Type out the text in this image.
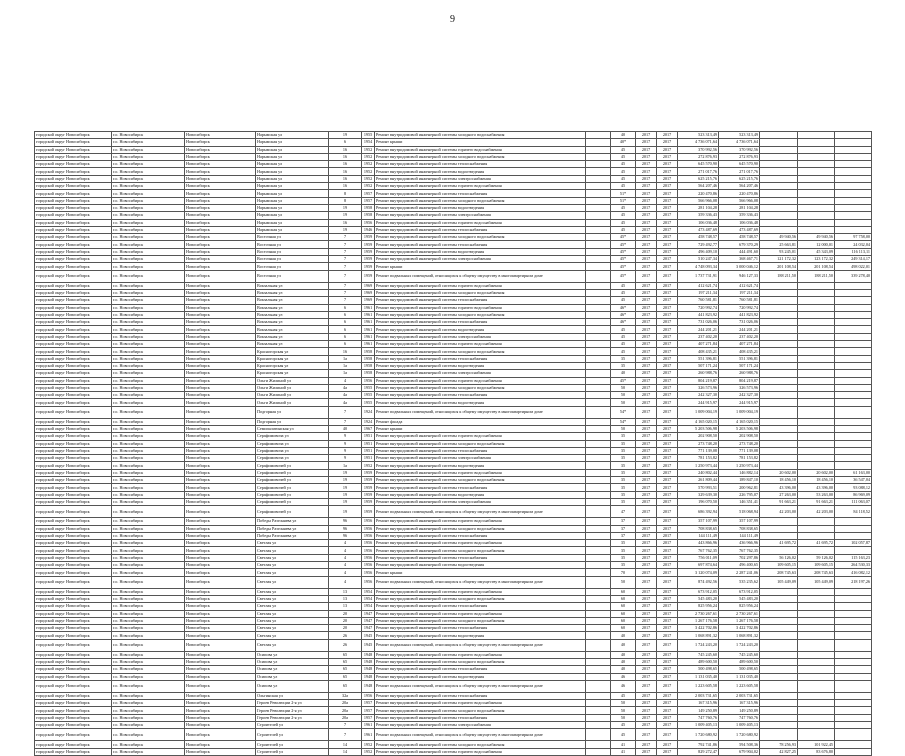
9
городской округ Новосибирск	г.о. Новосибирск	Новосибирск	Нарымская ул	19	1955	Ремонт внутридомовой инженерной системы холодного водоснабжения		40	2017	2017	523 313,49	523 313,49			
городской округ Новосибирск	г.о. Новосибирск	Новосибирск	Нарымская ул	6	1954	Ремонт крыши		40*	2017	2017	4 736 071,64	4 736 071,64			
городской округ Новосибирск	г.о. Новосибирск	Новосибирск	Нарымская ул	16	1952	Ремонт внутридомовой инженерной системы горячего водоснабжения		45	2017	2017	370 992,56	370 992,56			
городской округ Новосибирск	г.о. Новосибирск	Новосибирск	Нарымская ул	16	1952	Ремонт внутридомовой инженерной системы холодного водоснабжения		45	2017	2017	272 876,93	272 876,93			
городской округ Новосибирск	г.о. Новосибирск	Новосибирск	Нарымская ул	16	1952	Ремонт внутридомовой инженерной системы теплоснабжения		45	2017	2017	645 570,90	645 570,90			
городской округ Новосибирск	г.о. Новосибирск	Новосибирск	Нарымская ул	16	1952	Ремонт внутридомовой инженерной системы водоотведения		45	2017	2017	271 017,76	271 017,76			
городской округ Новосибирск	г.о. Новосибирск	Новосибирск	Нарымская ул	16	1952	Ремонт внутридомовой инженерной системы электроснабжения		45	2017	2017	625 215,76	625 215,76			
городской округ Новосибирск	г.о. Новосибирск	Новосибирск	Нарымская ул	16	1952	Ремонт внутридомовой инженерной системы горячего водоснабжения		45	2017	2017	564 207,46	564 207,46			
городской округ Новосибирск	г.о. Новосибирск	Новосибирск	Нарымская ул	8	1957	Ремонт внутридомовой инженерной системы теплоснабжения		51*	2017	2017	220 470,86	220 470,86			
городской округ Новосибирск	г.о. Новосибирск	Новосибирск	Нарымская ул	8	1957	Ремонт внутридомовой инженерной системы холодного водоснабжения		51*	2017	2017	566 966,08	566 966,08			
городской округ Новосибирск	г.о. Новосибирск	Новосибирск	Нарымская ул	19	1958	Ремонт внутридомовой инженерной системы водоотведения		45	2017	2017	281 104,28	281 104,28			
городской округ Новосибирск	г.о. Новосибирск	Новосибирск	Нарымская ул	19	1958	Ремонт внутридомовой инженерной системы электроснабжения		45	2017	2017	359 336,43	359 336,43			
городской округ Новосибирск	г.о. Новосибирск	Новосибирск	Нарымская ул	16	1956	Ремонт внутридомовой инженерной системы горячего водоснабжения		45	2017	2017	106 036,48	106 036,48			
городской округ Новосибирск	г.о. Новосибирск	Новосибирск	Нарымская ул	19	1946	Ремонт внутридомовой инженерной системы теплоснабжения		45	2017	2017	473 487,69	473 487,69			
городской округ Новосибирск	г.о. Новосибирск	Новосибирск	Восточная ул	7	1959	Ремонт внутридомовой инженерной системы холодного водоснабжения		45*	2017	2017	458 748,57	458 748,57	49 940,56	49 940,56	97 758,00
городской округ Новосибирск	г.о. Новосибирск	Новосибирск	Восточная ул	7	1959	Ремонт внутридомовой инженерной системы теплоснабжения		45*	2017	2017	729 492,77	679 370,29	25 663,81	12 000,01	24 032,04
городской округ Новосибирск	г.о. Новосибирск	Новосибирск	Восточная ул	7	1959	Ремонт внутридомовой инженерной системы водоотведения		45*	2017	2017	496 409,10	444 491,60	93 245,01	45 343,09	116 113,11
городской округ Новосибирск	г.о. Новосибирск	Новосибирск	Восточная ул	7	1959	Ремонт внутридомовой инженерной системы электроснабжения		45*	2017	2017	510 247,34	368 467,71	121 172,32	123 172,32	249 314,17
городской округ Новосибирск	г.о. Новосибирск	Новосибирск	Восточная ул	7	1959	Ремонт крыши		45*	2017	2017	4 748 093,34	3 000 046,12	201 108,54	201 108,54	498 022,01
городской округ Новосибирск	г.о. Новосибирск	Новосибирск	Восточная ул	7	1959	Ремонт подвальных помещений, относящихся к общему имуществу в многоквартирном доме		45*	2017	2017	1 737 731,91	946 127,33	188 211,50	188 211,50	339 278,40
городской округ Новосибирск	г.о. Новосибирск	Новосибирск	Вокзальная ул	7	1969	Ремонт внутридомовой инженерной системы горячего водоснабжения		45	2017	2017	412 621,74	412 621,74			
городской округ Новосибирск	г.о. Новосибирск	Новосибирск	Вокзальная ул	7	1969	Ремонт внутридомовой инженерной системы холодного водоснабжения		45	2017	2017	197 211,34	197 211,34			
городской округ Новосибирск	г.о. Новосибирск	Новосибирск	Вокзальная ул	7	1969	Ремонт внутридомовой инженерной системы теплоснабжения		45	2017	2017	760 581,81	760 581,81			
городской округ Новосибирск	г.о. Новосибирск	Новосибирск	Вокзальная ул	6	1961	Ремонт внутридомовой инженерной системы горячего водоснабжения		46*	2017	2017	720 992,74	720 992,74			
городской округ Новосибирск	г.о. Новосибирск	Новосибирск	Вокзальная ул	6	1961	Ремонт внутридомовой инженерной системы холодного водоснабжения		46*	2017	2017	441 823,92	441 823,92			
городской округ Новосибирск	г.о. Новосибирск	Новосибирск	Вокзальная ул	6	1961	Ремонт внутридомовой инженерной системы теплоснабжения		46*	2017	2017	731 026,06	731 026,06			
городской округ Новосибирск	г.о. Новосибирск	Новосибирск	Вокзальная ул	6	1961	Ремонт внутридомовой инженерной системы водоотведения		45	2017	2017	244 201,21	244 201,21			
городской округ Новосибирск	г.о. Новосибирск	Новосибирск	Вокзальная ул	6	1961	Ремонт внутридомовой инженерной системы электроснабжения		45	2017	2017	237 402,20	237 402,20			
городской округ Новосибирск	г.о. Новосибирск	Новосибирск	Вокзальная ул	6	1961	Ремонт внутридомовой инженерной системы горячего водоснабжения		45	2017	2017	407 271,84	407 271,84			
городской округ Новосибирск	г.о. Новосибирск	Новосибирск	Красногорская ул	16	1958	Ремонт внутридомовой инженерной системы холодного водоснабжения		45	2017	2017	408 435,21	408 435,21			
городской округ Новосибирск	г.о. Новосибирск	Новосибирск	Красногорская ул	1а	1958	Ремонт внутридомовой инженерной системы теплоснабжения		35	2017	2017	551 396,81	551 396,81			
городской округ Новосибирск	г.о. Новосибирск	Новосибирск	Красногорская ул	1а	1958	Ремонт внутридомовой инженерной системы водоотведения		35	2017	2017	507 171,24	507 171,24			
городской округ Новосибирск	г.о. Новосибирск	Новосибирск	Красногорская ул	1а	1958	Ремонт внутридомовой инженерной системы электроснабжения		40	2017	2017	260 988,76	260 988,76			
городской округ Новосибирск	г.о. Новосибирск	Новосибирск	Ольги Жилиной ул	4	1956	Ремонт внутридомовой инженерной системы горячего водоснабжения		45*	2017	2017	804 219,87	804 219,87			
городской округ Новосибирск	г.о. Новосибирск	Новосибирск	Ольги Жилиной ул	4а	1955	Ремонт внутридомовой инженерной системы холодного водоснабжения		50	2017	2017	326 573,96	326 573,96			
городской округ Новосибирск	г.о. Новосибирск	Новосибирск	Ольги Жилиной ул	4а	1955	Ремонт внутридомовой инженерной системы теплоснабжения		50	2017	2017	242 327,30	242 327,30			
городской округ Новосибирск	г.о. Новосибирск	Новосибирск	Ольги Жилиной ул	4а	1955	Ремонт внутридомовой инженерной системы водоотведения		50	2017	2017	244 915,97	244 915,97			
городской округ Новосибирск	г.о. Новосибирск	Новосибирск	Подгорная ул	7	1924	Ремонт подвальных помещений, относящихся к общему имуществу в многоквартирном доме		54*	2017	2017	1 009 004,19	1 009 004,19			
городской округ Новосибирск	г.о. Новосибирск	Новосибирск	Подгорная ул	7	1924	Ремонт фасада		54*	2017	2017	4 165 020,15	4 165 020,15			
городской округ Новосибирск	г.о. Новосибирск	Новосибирск	Семипалатинская ул	40	1967	Ремонт крыши		50	2017	2017	5 203 506,98	5 203 506,98			
городской округ Новосибирск	г.о. Новосибирск	Новосибирск	Серафимовича ул	9	1951	Ремонт внутридомовой инженерной системы горячего водоснабжения		35	2017	2017	202 908,50	202 908,50			
городской округ Новосибирск	г.о. Новосибирск	Новосибирск	Серафимовича ул	9	1951	Ремонт внутридомовой инженерной системы холодного водоснабжения		35	2017	2017	273 748,20	273 748,20			
городской округ Новосибирск	г.о. Новосибирск	Новосибирск	Серафимовича ул	9	1951	Ремонт внутридомовой инженерной системы теплоснабжения		35	2017	2017	771 139,08	771 139,08			
городской округ Новосибирск	г.о. Новосибирск	Новосибирск	Серафимовича ул	9	1951	Ремонт внутридомовой инженерной системы электроснабжения		35	2017	2017	781 153,82	781 153,82			
городской округ Новосибирск	г.о. Новосибирск	Новосибирск	Серафимовичей ул	1а	1952	Ремонт внутридомовой инженерной системы водоотведения		35	2017	2017	1 250 973,44	1 250 973,44			
городской округ Новосибирск	г.о. Новосибирск	Новосибирск	Серафимовичей ул	19	1959	Ремонт внутридомовой инженерной системы горячего водоснабжения		35	2017	2017	240 802,44	146 882,14	20 602,00	20 602,00	61 163,00
городской округ Новосибирск	г.о. Новосибирск	Новосибирск	Серафимовичей ул	19	1959	Ремонт внутридомовой инженерной системы холодного водоснабжения		35	2017	2017	261 809,44	189 847,10	18 456,10	18 456,10	36 547,04
городской округ Новосибирск	г.о. Новосибирск	Новосибирск	Серафимовичей ул	19	1959	Ремонт внутридомовой инженерной системы теплоснабжения		35	2017	2017	570 993,51	200 962,81	43 396,00	43 396,00	93 088,12
городской округ Новосибирск	г.о. Новосибирск	Новосибирск	Серафимовичей ул	19	1959	Ремонт внутридомовой инженерной системы водоотведения		35	2017	2017	329 639,30	226 795,07	27 263,00	53 263,00	86 969,09
городской округ Новосибирск	г.о. Новосибирск	Новосибирск	Серафимовичей ул	19	1959	Ремонт внутридомовой инженерной системы электроснабжения		35	2017	2017	196 070,50	146 351,41	91 663,21	91 663,21	111 063,07
городской округ Новосибирск	г.о. Новосибирск	Новосибирск	Серафимовичей ул	19	1959	Ремонт подвальных помещений, относящихся к общему имуществу в многоквартирном доме		47	2017	2017	686 392,94	518 068,94	42 203,00	42 203,00	84 118,52
городской округ Новосибирск	г.о. Новосибирск	Новосибирск	Победы Разгоняева ул	96	1956	Ремонт внутридомовой инженерной системы горячего водоснабжения		37	2017	2017	357 107,99	357 107,99			
городской округ Новосибирск	г.о. Новосибирск	Новосибирск	Победы Разгоняева ул	96	1956	Ремонт внутридомовой инженерной системы холодного водоснабжения		37	2017	2017	708 838,65	708 838,65			
городской округ Новосибирск	г.о. Новосибирск	Новосибирск	Победы Разгоняева ул	96	1956	Ремонт внутридомовой инженерной системы теплоснабжения		37	2017	2017	144 111,49	144 111,49			
городской округ Новосибирск	г.о. Новосибирск	Новосибирск	Светлая ул	4	1956	Ремонт внутридомовой инженерной системы горячего водоснабжения		35	2017	2017	443 866,96	436 966,96	41 695,72	41 695,72	102 057,87
городской округ Новосибирск	г.о. Новосибирск	Новосибирск	Светлая ул	4	1956	Ремонт внутридомовой инженерной системы холодного водоснабжения		35	2017	2017	767 762,35	767 762,35			
городской округ Новосибирск	г.о. Новосибирск	Новосибирск	Светлая ул	4	1956	Ремонт внутридомовой инженерной системы теплоснабжения		35	2017	2017	756 011,09	702 297,86	56 126,02	59 126,02	115 163,23
городской округ Новосибирск	г.о. Новосибирск	Новосибирск	Светлая ул	4	1956	Ремонт внутридомовой инженерной системы водоотведения		35	2017	2017	697 874,64	496 400,65	109 605,15	109 605,15	264 530,33
городской округ Новосибирск	г.о. Новосибирск	Новосибирск	Светлая ул	4	1956	Ремонт крыши		70	2017	2017	3 120 074,09	2 287 241,06	208 745,63	208 745,63	416 082,12
городской округ Новосибирск	г.о. Новосибирск	Новосибирск	Светлая ул	4	1956	Ремонт подвальных помещений, относящихся к общему имуществу в многоквартирном доме		50	2017	2017	874 492,56	535 235,62	105 449,09	105 449,09	218 197,26
городской округ Новосибирск	г.о. Новосибирск	Новосибирск	Светлая ул	13	1954	Ремонт внутридомовой инженерной системы горячего водоснабжения		60	2017	2017	673 912,05	673 912,05			
городской округ Новосибирск	г.о. Новосибирск	Новосибирск	Светлая ул	13	1954	Ремонт внутридомовой инженерной системы холодного водоснабжения		60	2017	2017	545 483,20	545 483,20			
городской округ Новосибирск	г.о. Новосибирск	Новосибирск	Светлая ул	13	1954	Ремонт внутридомовой инженерной системы теплоснабжения		60	2017	2017	825 956,24	825 956,24			
городской округ Новосибирск	г.о. Новосибирск	Новосибирск	Светлая ул	20	1947	Ремонт внутридомовой инженерной системы горячего водоснабжения		60	2017	2017	2 730 267,61	2 730 267,61			
городской округ Новосибирск	г.о. Новосибирск	Новосибирск	Светлая ул	20	1947	Ремонт внутридомовой инженерной системы холодного водоснабжения		60	2017	2017	1 267 176,58	1 267 176,58			
городской округ Новосибирск	г.о. Новосибирск	Новосибирск	Светлая ул	20	1947	Ремонт внутридомовой инженерной системы теплоснабжения		60	2017	2017	3 422 702,86	3 422 702,86			
городской округ Новосибирск	г.о. Новосибирск	Новосибирск	Светлая ул	26	1945	Ремонт внутридомовой инженерной системы водоотведения		40	2017	2017	1 068 891,32	1 068 891,32			
городской округ Новосибирск	г.о. Новосибирск	Новосибирск	Светлая ул	26	1945	Ремонт подвальных помещений, относящихся к общему имуществу в многоквартирном доме		40	2017	2017	1 724 243,20	1 724 243,20			
городской округ Новосибирск	г.о. Новосибирск	Новосибирск	Осипова ул	65	1948	Ремонт внутридомовой инженерной системы горячего водоснабжения		40	2017	2017	745 245,60	745 245,60			
городской округ Новосибирск	г.о. Новосибирск	Новосибирск	Осипова ул	65	1948	Ремонт внутридомовой инженерной системы холодного водоснабжения		40	2017	2017	489 600,50	489 600,50			
городской округ Новосибирск	г.о. Новосибирск	Новосибирск	Осипова ул	65	1948	Ремонт внутридомовой инженерной системы теплоснабжения		40	2017	2017	500 498,65	500 498,65			
городской округ Новосибирск	г.о. Новосибирск	Новосибирск	Осипова ул	65	1948	Ремонт внутридомовой инженерной системы водоотведения		46	2017	2017	1 131 035,40	1 131 035,40			
городской округ Новосибирск	г.о. Новосибирск	Новосибирск	Осипова ул	65	1948	Ремонт подвальных помещений, относящихся к общему имуществу в многоквартирном доме		46	2017	2017	1 223 605,58	1 223 605,58			
городской округ Новосибирск	г.о. Новосибирск	Новосибирск	Ольгинская ул	32а	1956	Ремонт внутридомовой инженерной системы теплоснабжения		45	2017	2017	2 003 731,65	2 003 731,65			
городской округ Новосибирск	г.о. Новосибирск	Новосибирск	Героев Революции 2-я ул	20а	1957	Ремонт внутридомовой инженерной системы горячего водоснабжения		50	2017	2017	167 315,96	167 315,96			
городской округ Новосибирск	г.о. Новосибирск	Новосибирск	Героев Революции 2-я ул	20а	1957	Ремонт внутридомовой инженерной системы холодного водоснабжения		50	2017	2017	149 250,89	149 250,89			
городской округ Новосибирск	г.о. Новосибирск	Новосибирск	Героев Революции 2-я ул	20а	1957	Ремонт внутридомовой инженерной системы теплоснабжения		50	2017	2017	747 760,76	747 760,76			
городской округ Новосибирск	г.о. Новосибирск	Новосибирск	Строителей ул	7	1961	Ремонт внутридомовой инженерной системы электроснабжения		45	2017	2017	1 009 405,13	1 009 405,13			
городской округ Новосибирск	г.о. Новосибирск	Новосибирск	Строителей ул	7	1961	Ремонт подвальных помещений, относящихся к общему имуществу в многоквартирном доме		45	2017	2017	1 720 680,92	1 720 680,92			
городской округ Новосибирск	г.о. Новосибирск	Новосибирск	Строителей ул	14	1952	Ремонт внутридомовой инженерной системы холодного водоснабжения		41	2017	2017	792 741,86	594 508,36	78 256,93	101 922,45	
городской округ Новосибирск	г.о. Новосибирск	Новосибирск	Строителей ул	14	1952	Ремонт внутридомовой инженерной системы горячего водоснабжения		41	2017	2017	829 272,47	679 904,02	42 827,25	83 676,80	
